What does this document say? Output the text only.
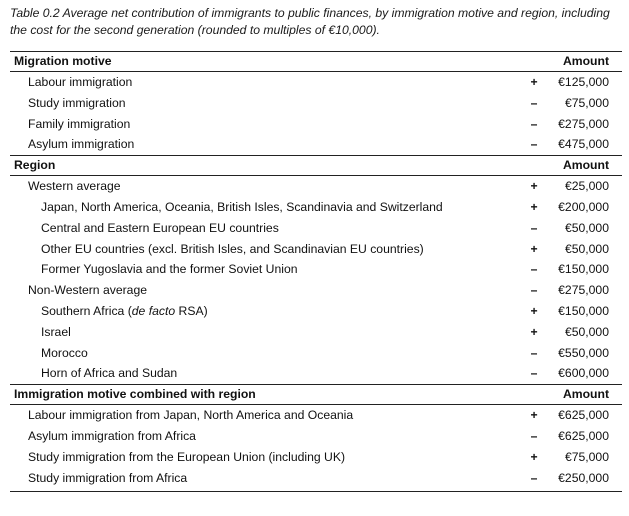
Table 0.2 Average net contribution of immigrants to public finances, by immigration motive and region, including the cost for the second generation (rounded to multiples of €10,000).
Migration motive	Amount
Labour immigration	+ €125,000
Study immigration	– €75,000
Family immigration	– €275,000
Asylum immigration	– €475,000
Region	Amount
Western average	+ €25,000
Japan, North America, Oceania, British Isles, Scandinavia and Switzerland	+ €200,000
Central and Eastern European EU countries	– €50,000
Other EU countries (excl. British Isles, and Scandinavian EU countries)	+ €50,000
Former Yugoslavia and the former Soviet Union	– €150,000
Non-Western average	– €275,000
Southern Africa (de facto RSA)	+ €150,000
Israel	+ €50,000
Morocco	– €550,000
Horn of Africa and Sudan	– €600,000
Immigration motive combined with region	Amount
Labour immigration from Japan, North America and Oceania	+ €625,000
Asylum immigration from Africa	– €625,000
Study immigration from the European Union (including UK)	+ €75,000
Study immigration from Africa	– €250,000
